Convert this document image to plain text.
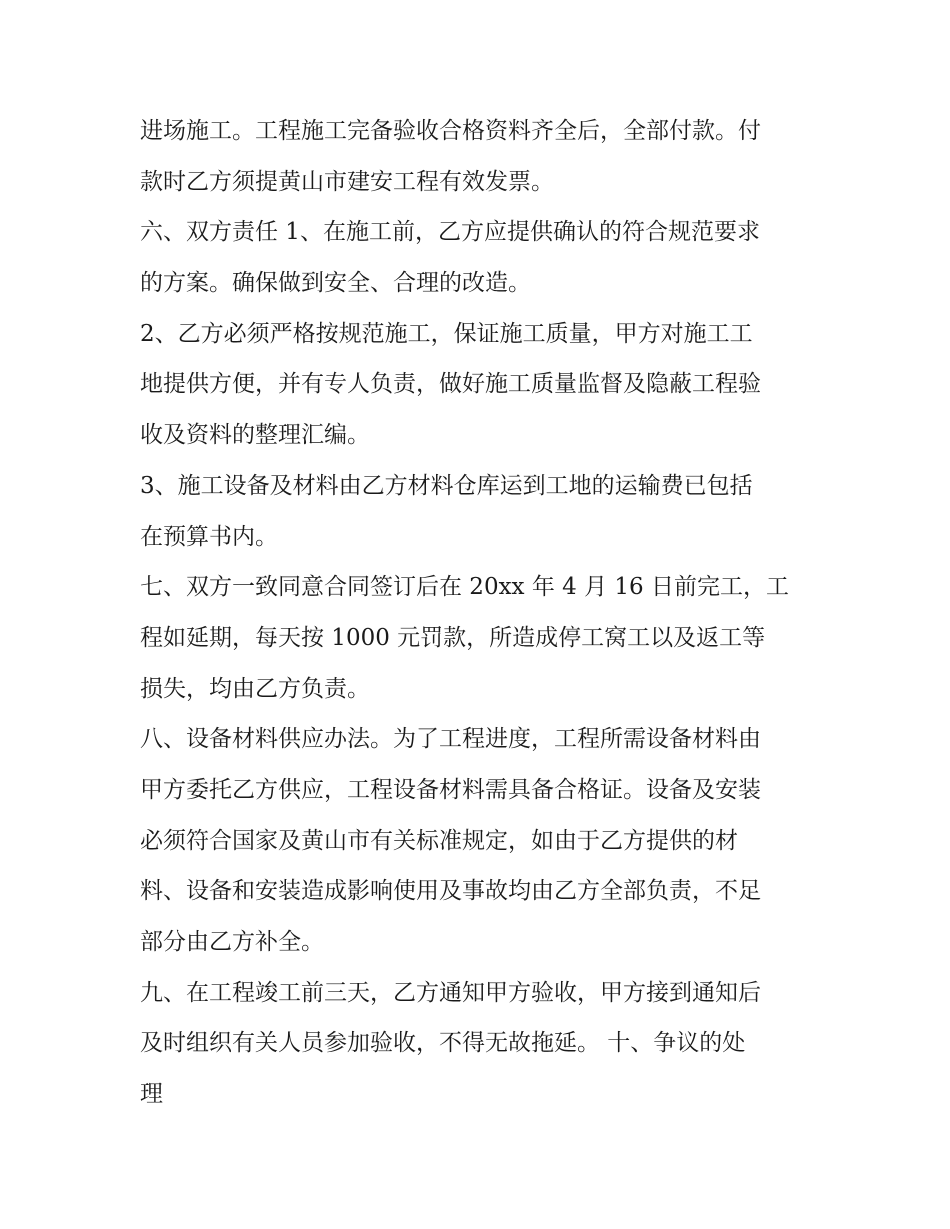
进场施工。工程施工完备验收合格资料齐全后，全部付款。付
款时乙方须提黄山市建安工程有效发票。
六、双方责任 1、在施工前，乙方应提供确认的符合规范要求
的方案。确保做到安全、合理的改造。
2、乙方必须严格按规范施工，保证施工质量，甲方对施工工
地提供方便，并有专人负责，做好施工质量监督及隐蔽工程验
收及资料的整理汇编。
3、施工设备及材料由乙方材料仓库运到工地的运输费已包括
在预算书内。
七、双方一致同意合同签订后在 20xx 年 4 月 16 日前完工，工
程如延期，每天按 1000 元罚款，所造成停工窝工以及返工等
损失，均由乙方负责。
八、设备材料供应办法。为了工程进度，工程所需设备材料由
甲方委托乙方供应，工程设备材料需具备合格证。设备及安装
必须符合国家及黄山市有关标准规定，如由于乙方提供的材
料、设备和安装造成影响使用及事故均由乙方全部负责，不足
部分由乙方补全。
九、在工程竣工前三天，乙方通知甲方验收，甲方接到通知后
及时组织有关人员参加验收，不得无故拖延。 十、争议的处
理
